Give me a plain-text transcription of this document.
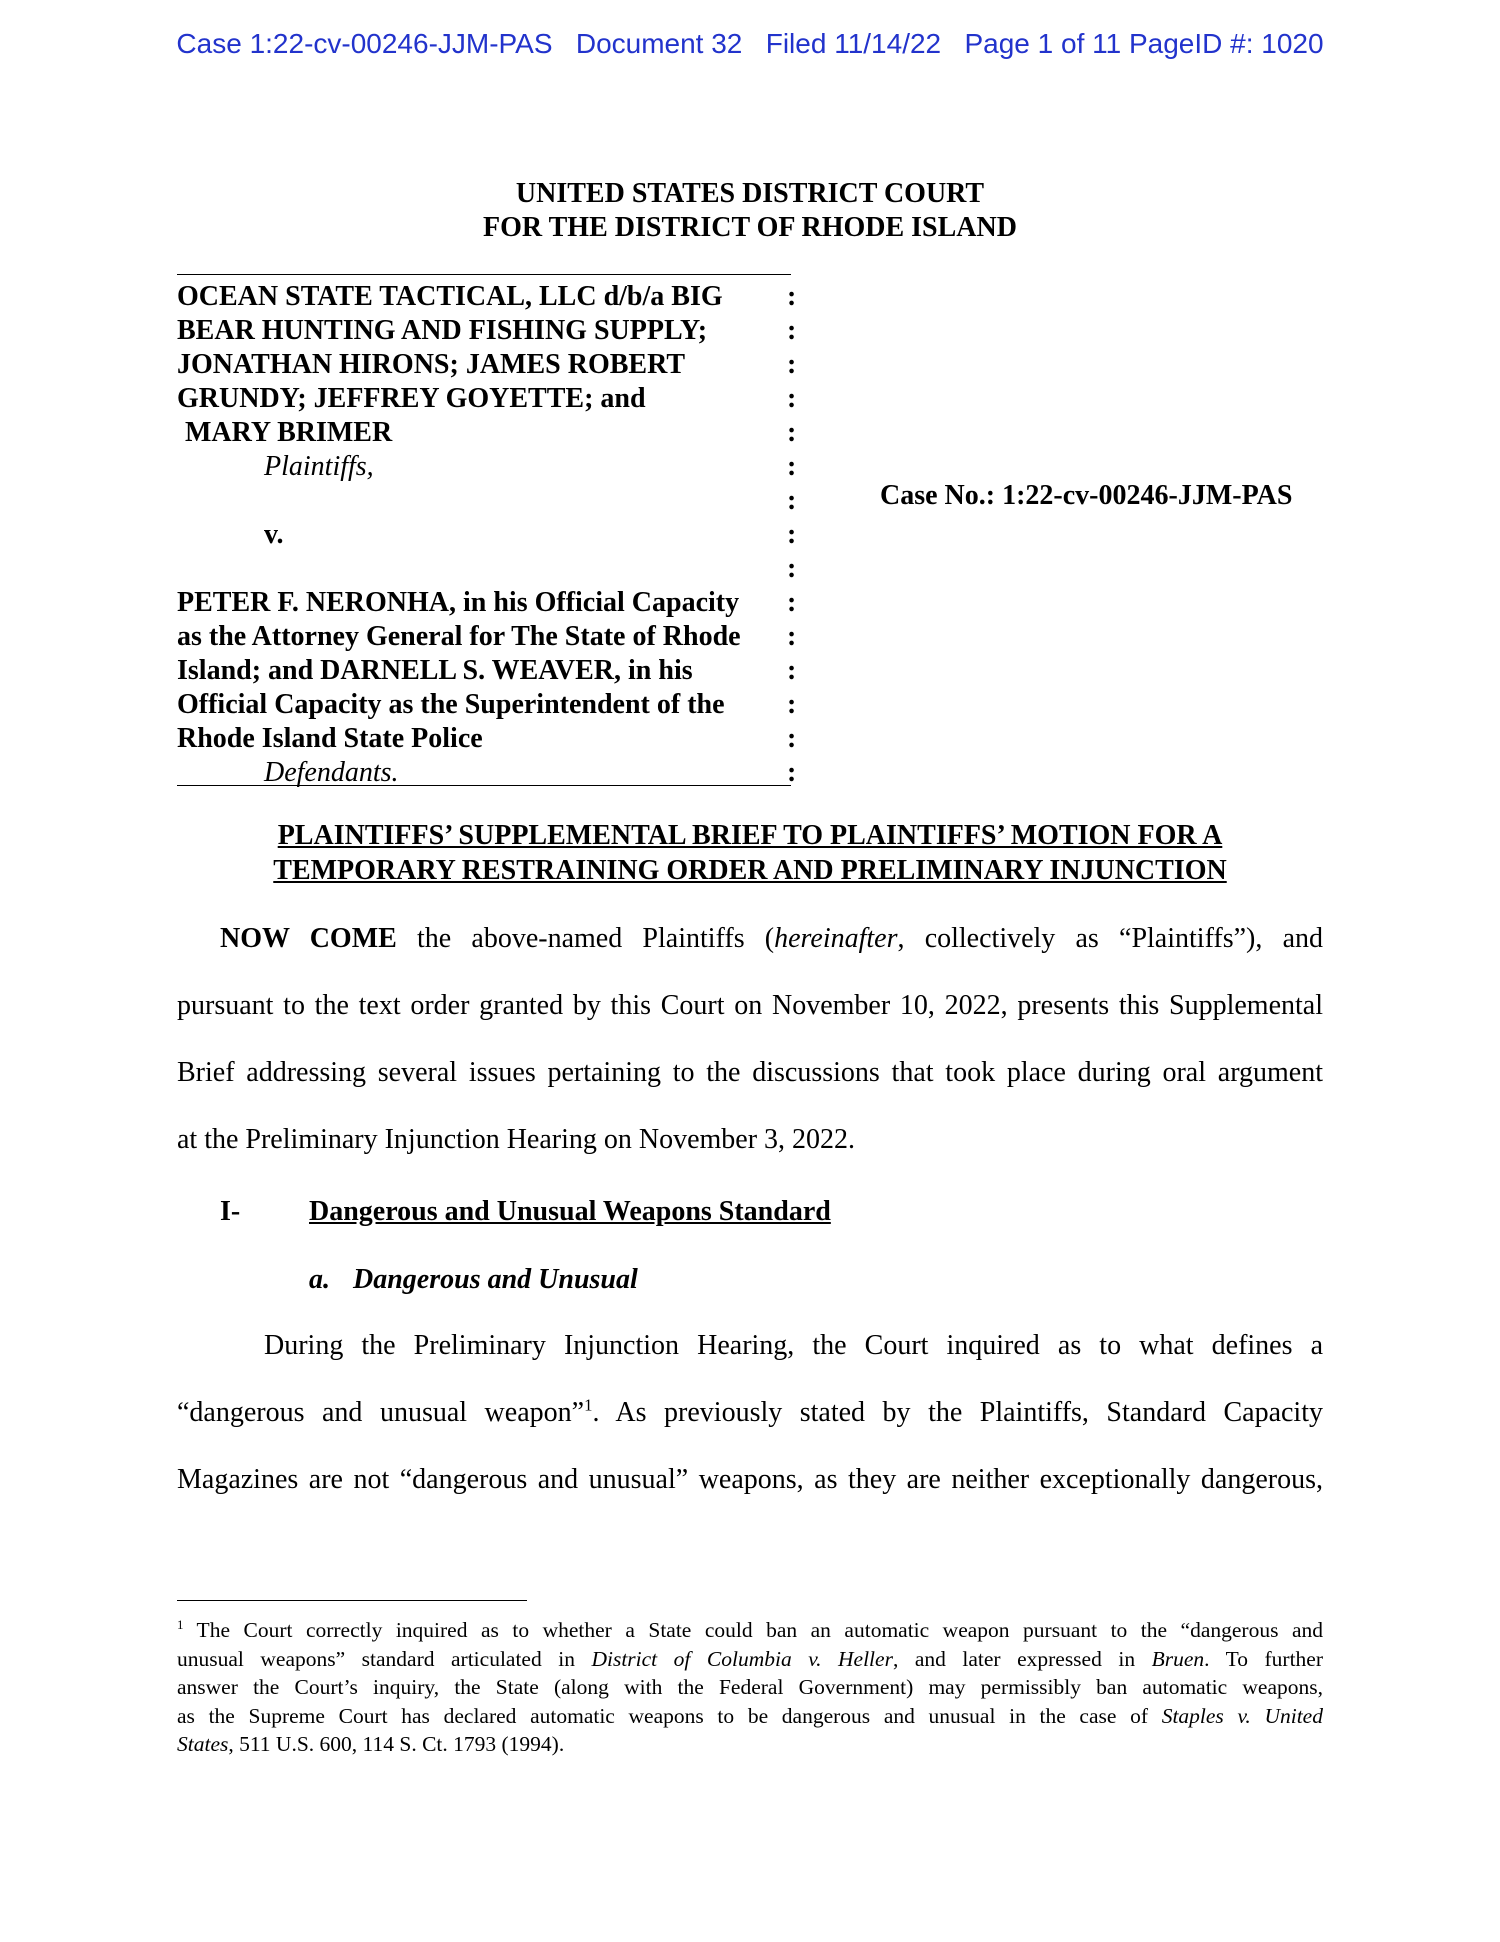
Case 1:22-cv-00246-JJM-PAS Document 32 Filed 11/14/22 Page 1 of 11 PageID #: 1020
UNITED STATES DISTRICT COURT
FOR THE DISTRICT OF RHODE ISLAND
OCEAN STATE TACTICAL, LLC d/b/a BIG
BEAR HUNTING AND FISHING SUPPLY;
JONATHAN HIRONS; JAMES ROBERT
GRUNDY; JEFFREY GOYETTE; and
MARY BRIMER
Plaintiffs,
v.
PETER F. NERONHA, in his Official Capacity
as the Attorney General for The State of Rhode
Island; and DARNELL S. WEAVER, in his
Official Capacity as the Superintendent of the
Rhode Island State Police
Defendants.
:
:
:
:
:
:
:
:
:
:
:
:
:
:
:
Case No.: 1:22-cv-00246-JJM-PAS
PLAINTIFFS’ SUPPLEMENTAL BRIEF TO PLAINTIFFS’ MOTION FOR A
TEMPORARY RESTRAINING ORDER AND PRELIMINARY INJUNCTION
NOW COME the above-named Plaintiffs (hereinafter, collectively as “Plaintiffs”), and
pursuant to the text order granted by this Court on November 10, 2022, presents this Supplemental
Brief addressing several issues pertaining to the discussions that took place during oral argument
at the Preliminary Injunction Hearing on November 3, 2022.
I- Dangerous and Unusual Weapons Standard
a. Dangerous and Unusual
During the Preliminary Injunction Hearing, the Court inquired as to what defines a
“dangerous and unusual weapon”$^1$. As previously stated by the Plaintiffs, Standard Capacity
Magazines are not “dangerous and unusual” weapons, as they are neither exceptionally dangerous,
$^1$ The Court correctly inquired as to whether a State could ban an automatic weapon pursuant to the “dangerous and
unusual weapons” standard articulated in District of Columbia v. Heller, and later expressed in Bruen. To further
answer the Court’s inquiry, the State (along with the Federal Government) may permissibly ban automatic weapons,
as the Supreme Court has declared automatic weapons to be dangerous and unusual in the case of Staples v. United
States, 511 U.S. 600, 114 S. Ct. 1793 (1994).
